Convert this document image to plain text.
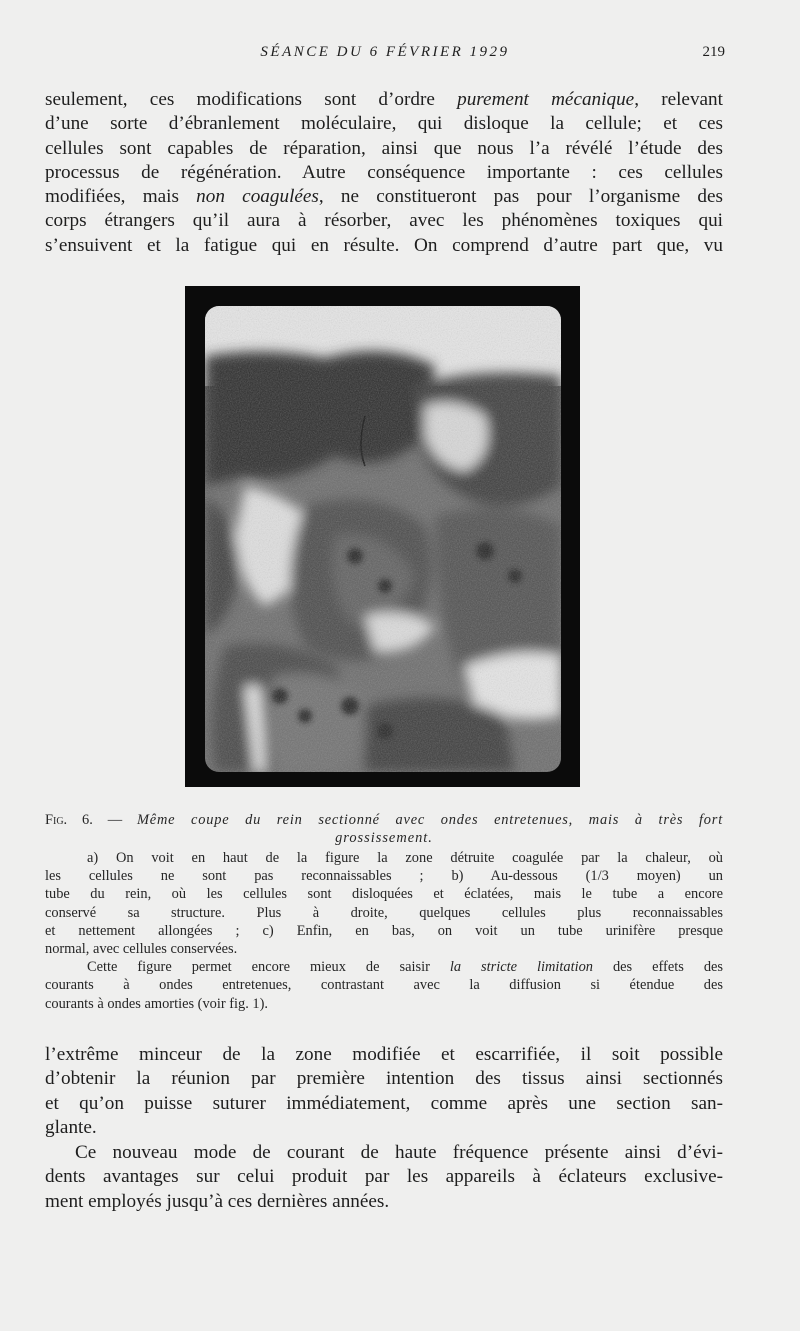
SÉANCE DU 6 FÉVRIER 1929	219
seulement, ces modifications sont d’ordre purement mécanique, relevant
d’une sorte d’ébranlement moléculaire, qui disloque la cellule; et ces
cellules sont capables de réparation, ainsi que nous l’a révélé l’étude des
processus de régénération. Autre conséquence importante : ces cellules
modifiées, mais non coagulées, ne constitueront pas pour l’organisme des
corps étrangers qu’il aura à résorber, avec les phénomènes toxiques qui
s’ensuivent et la fatigue qui en résulte. On comprend d’autre part que, vu
Fig. 6. — Même coupe du rein sectionné avec ondes entretenues, mais à très fort
grossissement.
a) On voit en haut de la figure la zone détruite coagulée par la chaleur, où
les cellules ne sont pas reconnaissables ; b) Au-dessous (1/3 moyen) un
tube du rein, où les cellules sont disloquées et éclatées, mais le tube a encore
conservé sa structure. Plus à droite, quelques cellules plus reconnaissables
et nettement allongées ; c) Enfin, en bas, on voit un tube urinifère presque
normal, avec cellules conservées.
Cette figure permet encore mieux de saisir la stricte limitation des effets des
courants à ondes entretenues, contrastant avec la diffusion si étendue des
courants à ondes amorties (voir fig. 1).
l’extrême minceur de la zone modifiée et escarrifiée, il soit possible
d’obtenir la réunion par première intention des tissus ainsi sectionnés
et qu’on puisse suturer immédiatement, comme après une section san-
glante.
Ce nouveau mode de courant de haute fréquence présente ainsi d’évi-
dents avantages sur celui produit par les appareils à éclateurs exclusive-
ment employés jusqu’à ces dernières années.
